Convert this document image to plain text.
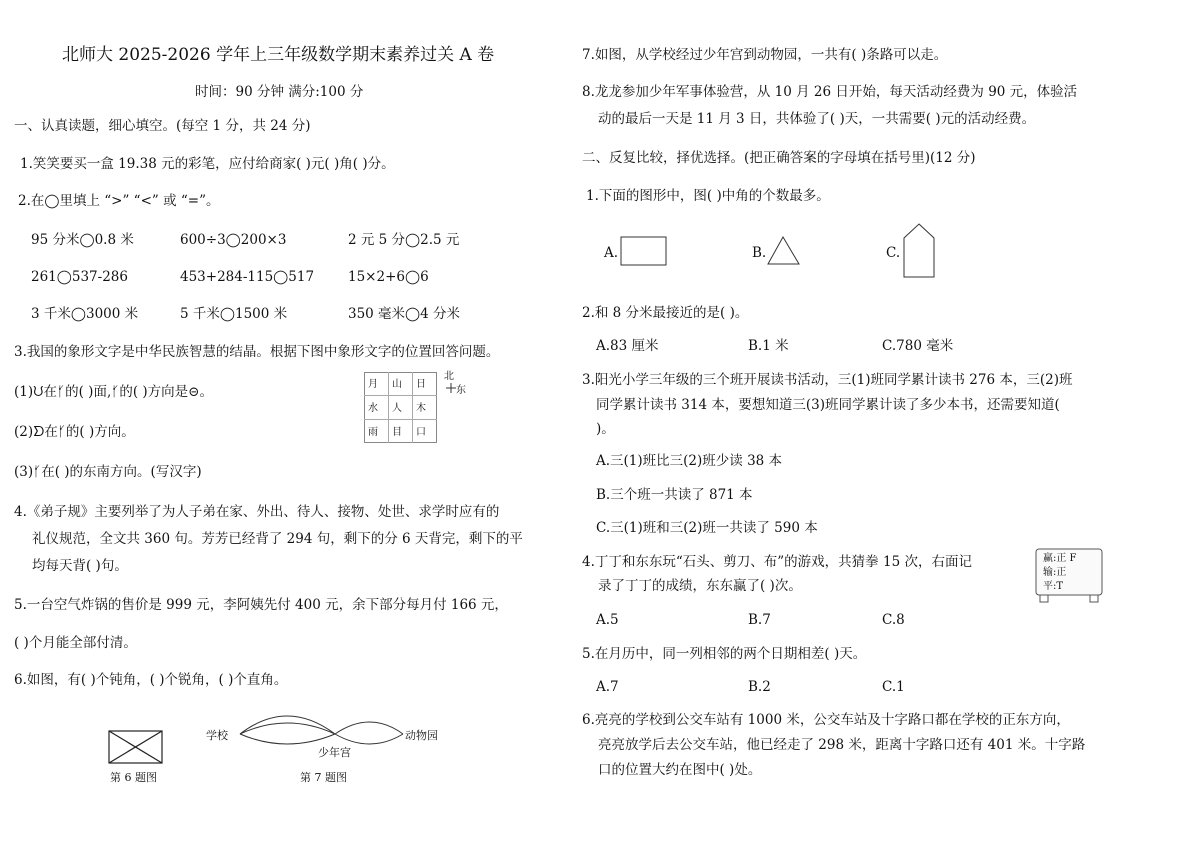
北师大 2025-2026 学年上三年级数学期末素养过关 A 卷
时间：90 分钟 满分:100 分
一、认真读题，细心填空。(每空 1 分，共 24 分)
1.笑笑要买一盒 19.38 元的彩笔，应付给商家( )元( )角( )分。
2.在◯里填上 “>” “<” 或 “=”。
95 分米◯0.8 米	600÷3◯200×3	2 元 5 分◯2.5 元
261◯537-286	453+284-115◯517	15×2+6◯6
3 千米◯3000 米	5 千米◯1500 米	350 毫米◯4 分米
3.我国的象形文字是中华民族智慧的结晶。根据下图中象形文字的位置回答问题。
(1)ᙀ在ᚶ的( )面,ᚶ的( )方向是⊝。
(2)ᗤ在ᚶ的( )方向。
(3)ᚶ在( )的东南方向。(写汉字)
月 山 日
水 人 木
雨 目 口
北
东
4.《弟子规》主要列举了为人子弟在家、外出、待人、接物、处世、求学时应有的
礼仪规范，全文共 360 句。芳芳已经背了 294 句，剩下的分 6 天背完，剩下的平
均每天背( )句。
5.一台空气炸锅的售价是 999 元，李阿姨先付 400 元，余下部分每月付 166 元，
( )个月能全部付清。
6.如图，有( )个钝角，( )个锐角，( )个直角。
第 6 题图
学校
少年宫
动物园
第 7 题图
7.如图，从学校经过少年宫到动物园，一共有( )条路可以走。
8.龙龙参加少年军事体验营，从 10 月 26 日开始，每天活动经费为 90 元，体验活
动的最后一天是 11 月 3 日，共体验了( )天，一共需要( )元的活动经费。
二、反复比较，择优选择。(把正确答案的字母填在括号里)(12 分)
1.下面的图形中，图( )中角的个数最多。
A.	B.	C.
2.和 8 分米最接近的是( )。
A.83 厘米	B.1 米	C.780 毫米
3.阳光小学三年级的三个班开展读书活动，三(1)班同学累计读书 276 本，三(2)班
同学累计读书 314 本，要想知道三(3)班同学累计读了多少本书，还需要知道(
)。
A.三(1)班比三(2)班少读 38 本
B.三个班一共读了 871 本
C.三(1)班和三(2)班一共读了 590 本
4.丁丁和东东玩“石头、剪刀、布”的游戏，共猜拳 15 次，右面记
录了丁丁的成绩，东东赢了( )次。
赢:正 F
输:正
平:T
A.5	B.7	C.8
5.在月历中，同一列相邻的两个日期相差( )天。
A.7	B.2	C.1
6.亮亮的学校到公交车站有 1000 米，公交车站及十字路口都在学校的正东方向，
亮亮放学后去公交车站，他已经走了 298 米，距离十字路口还有 401 米。十字路
口的位置大约在图中( )处。
